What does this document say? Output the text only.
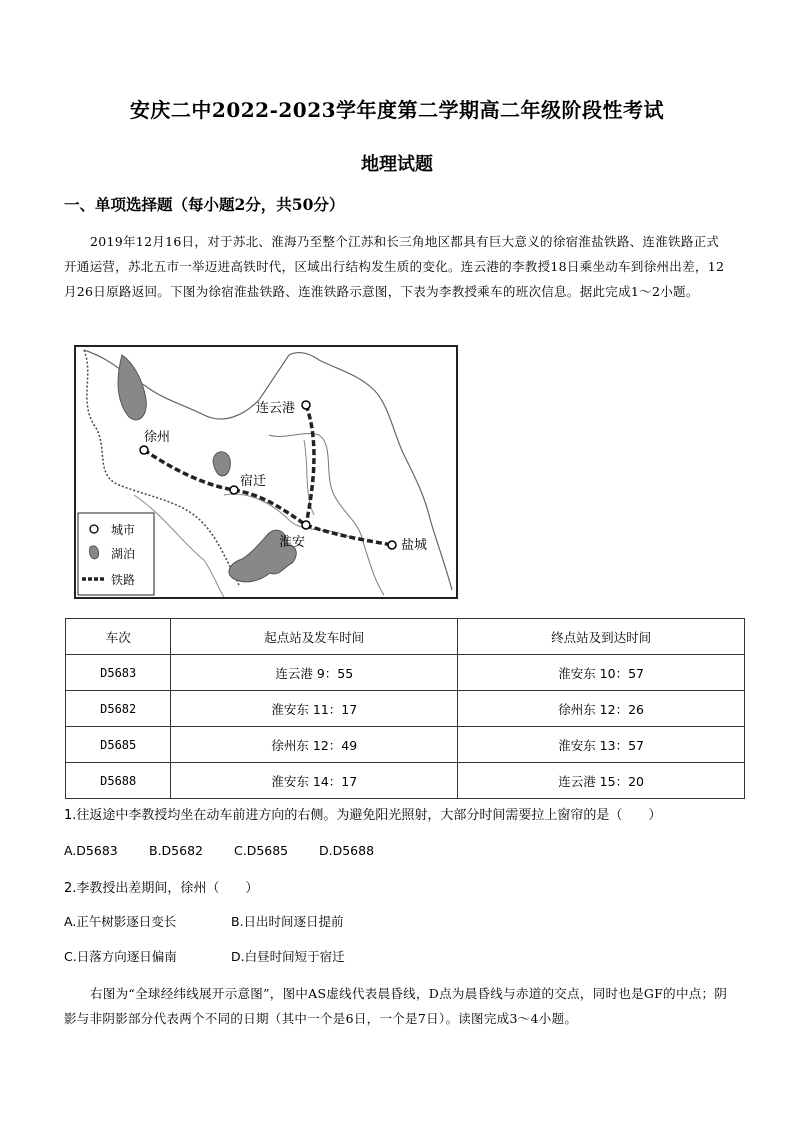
安庆二中2022-2023学年度第二学期高二年级阶段性考试
地理试题
一、单项选择题（每小题2分，共50分）
2019年12月16日，对于苏北、淮海乃至整个江苏和长三角地区都具有巨大意义的徐宿淮盐铁路、连淮铁路正式开通运营，苏北五市一举迈进高铁时代，区域出行结构发生质的变化。连云港的李教授18日乘坐动车到徐州出差，12月26日原路返回。下图为徐宿淮盐铁路、连淮铁路示意图，下表为李教授乘车的班次信息。据此完成1～2小题。
连云港
徐州
宿迁
淮安	盐城
城市
湖泊
铁路
车次	起点站及发车时间	终点站及到达时间
D5683	连云港 9：55	淮安东 10：57
D5682	淮安东 11：17	徐州东 12：26
D5685	徐州东 12：49	淮安东 13：57
D5688	淮安东 14：17	连云港 15：20
1.往返途中李教授均坐在动车前进方向的右侧。为避免阳光照射，大部分时间需要拉上窗帘的是（　　）
A.D5683	B.D5682 C.D5685 D.D5688
2.李教授出差期间，徐州（　　）
A.正午树影逐日变长	B.日出时间逐日提前
C.日落方向逐日偏南	D.白昼时间短于宿迁
右图为“全球经纬线展开示意图”，图中AS虚线代表晨昏线，D点为晨昏线与赤道的交点，同时也是GF的中点；阴影与非阴影部分代表两个不同的日期（其中一个是6日，一个是7日）。读图完成3～4小题。
